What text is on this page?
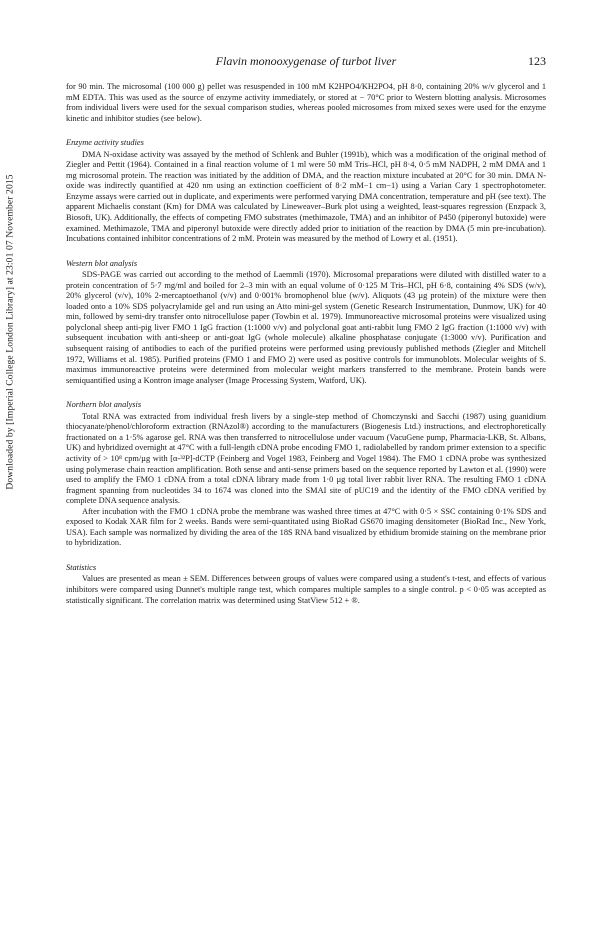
Downloaded by [Imperial College London Library] at 23:01 07 November 2015
Flavin monooxygenase of turbot liver	123

for 90 min. The microsomal (100 000 g) pellet was resuspended in 100 mM K2HPO4/KH2PO4, pH 8·0, containing 20% w/v glycerol and 1 mM EDTA. This was used as the source of enzyme activity immediately, or stored at − 70°C prior to Western blotting analysis. Microsomes from individual livers were used for the sexual comparison studies, whereas pooled microsomes from mixed sexes were used for the enzyme kinetic and inhibitor studies (see below).

Enzyme activity studies

DMA N-oxidase activity was assayed by the method of Schlenk and Buhler (1991b), which was a modification of the original method of Ziegler and Pettit (1964). Contained in a final reaction volume of 1 ml were 50 mM Tris–HCl, pH 8·4, 0·5 mM NADPH, 2 mM DMA and 1 mg microsomal protein. The reaction was initiated by the addition of DMA, and the reaction mixture incubated at 20°C for 30 min. DMA N-oxide was indirectly quantified at 420 nm using an extinction coefficient of 8·2 mM−1 cm−1) using a Varian Cary 1 spectrophotometer. Enzyme assays were carried out in duplicate, and experiments were performed varying DMA concentration, temperature and pH (see text). The apparent Michaelis constant (Km) for DMA was calculated by Lineweaver–Burk plot using a weighted, least-squares regression (Enzpack 3, Biosoft, UK). Additionally, the effects of competing FMO substrates (methimazole, TMA) and an inhibitor of P450 (piperonyl butoxide) were examined. Methimazole, TMA and piperonyl butoxide were directly added prior to initiation of the reaction by DMA (5 min pre-incubation). Incubations contained inhibitor concentrations of 2 mM. Protein was measured by the method of Lowry et al. (1951).

Western blot analysis

SDS-PAGE was carried out according to the method of Laemmli (1970). Microsomal preparations were diluted with distilled water to a protein concentration of 5·7 mg/ml and boiled for 2–3 min with an equal volume of 0·125 M Tris–HCl, pH 6·8, containing 4% SDS (w/v), 20% glycerol (v/v), 10% 2-mercaptoethanol (v/v) and 0·001% bromophenol blue (w/v). Aliquots (43 µg protein) of the mixture were then loaded onto a 10% SDS polyacrylamide gel and run using an Atto mini-gel system (Genetic Research Instrumentation, Dunmow, UK) for 40 min, followed by semi-dry transfer onto nitrocellulose paper (Towbin et al. 1979). Immunoreactive microsomal proteins were visualized using polyclonal sheep anti-pig liver FMO 1 IgG fraction (1:1000 v/v) and polyclonal goat anti-rabbit lung FMO 2 IgG fraction (1:1000 v/v) with subsequent incubation with anti-sheep or anti-goat IgG (whole molecule) alkaline phosphatase conjugate (1:3000 v/v). Purification and subsequent raising of antibodies to each of the purified proteins were performed using previously published methods (Ziegler and Mitchell 1972, Williams et al. 1985). Purified proteins (FMO 1 and FMO 2) were used as positive controls for immunoblots. Molecular weights of S. maximus immunoreactive proteins were determined from molecular weight markers transferred to the membrane. Protein bands were semiquantified using a Kontron image analyser (Image Processing System, Watford, UK).

Northern blot analysis

Total RNA was extracted from individual fresh livers by a single-step method of Chomczynski and Sacchi (1987) using guanidium thiocyanate/phenol/chloroform extraction (RNAzol®) according to the manufacturers (Biogenesis Ltd.) instructions, and electrophoretically fractionated on a 1·5% agarose gel. RNA was then transferred to nitrocellulose under vacuum (VacuGene pump, Pharmacia-LKB, St. Albans, UK) and hybridized overnight at 47°C with a full-length cDNA probe encoding FMO 1, radiolabelled by random primer extension to a specific activity of > 10⁸ cpm/µg with [α-³²P]-dCTP (Feinberg and Vogel 1983, Feinberg and Vogel 1984). The FMO 1 cDNA probe was synthesized using polymerase chain reaction amplification. Both sense and anti-sense primers based on the sequence reported by Lawton et al. (1990) were used to amplify the FMO 1 cDNA from a total cDNA library made from 1·0 µg total liver rabbit liver RNA. The resulting FMO 1 cDNA fragment spanning from nucleotides 34 to 1674 was cloned into the SMAI site of pUC19 and the identity of the FMO cDNA verified by complete DNA sequence analysis.

After incubation with the FMO 1 cDNA probe the membrane was washed three times at 47°C with 0·5 × SSC containing 0·1% SDS and exposed to Kodak XAR film for 2 weeks. Bands were semi-quantitated using BioRad GS670 imaging densitometer (BioRad Inc., New York, USA). Each sample was normalized by dividing the area of the 18S RNA band visualized by ethidium bromide staining on the membrane prior to hybridization.

Statistics

Values are presented as mean ± SEM. Differences between groups of values were compared using a student's t-test, and effects of various inhibitors were compared using Dunnet's multiple range test, which compares multiple samples to a single control. p < 0·05 was accepted as statistically significant. The correlation matrix was determined using StatView 512 + ®.
